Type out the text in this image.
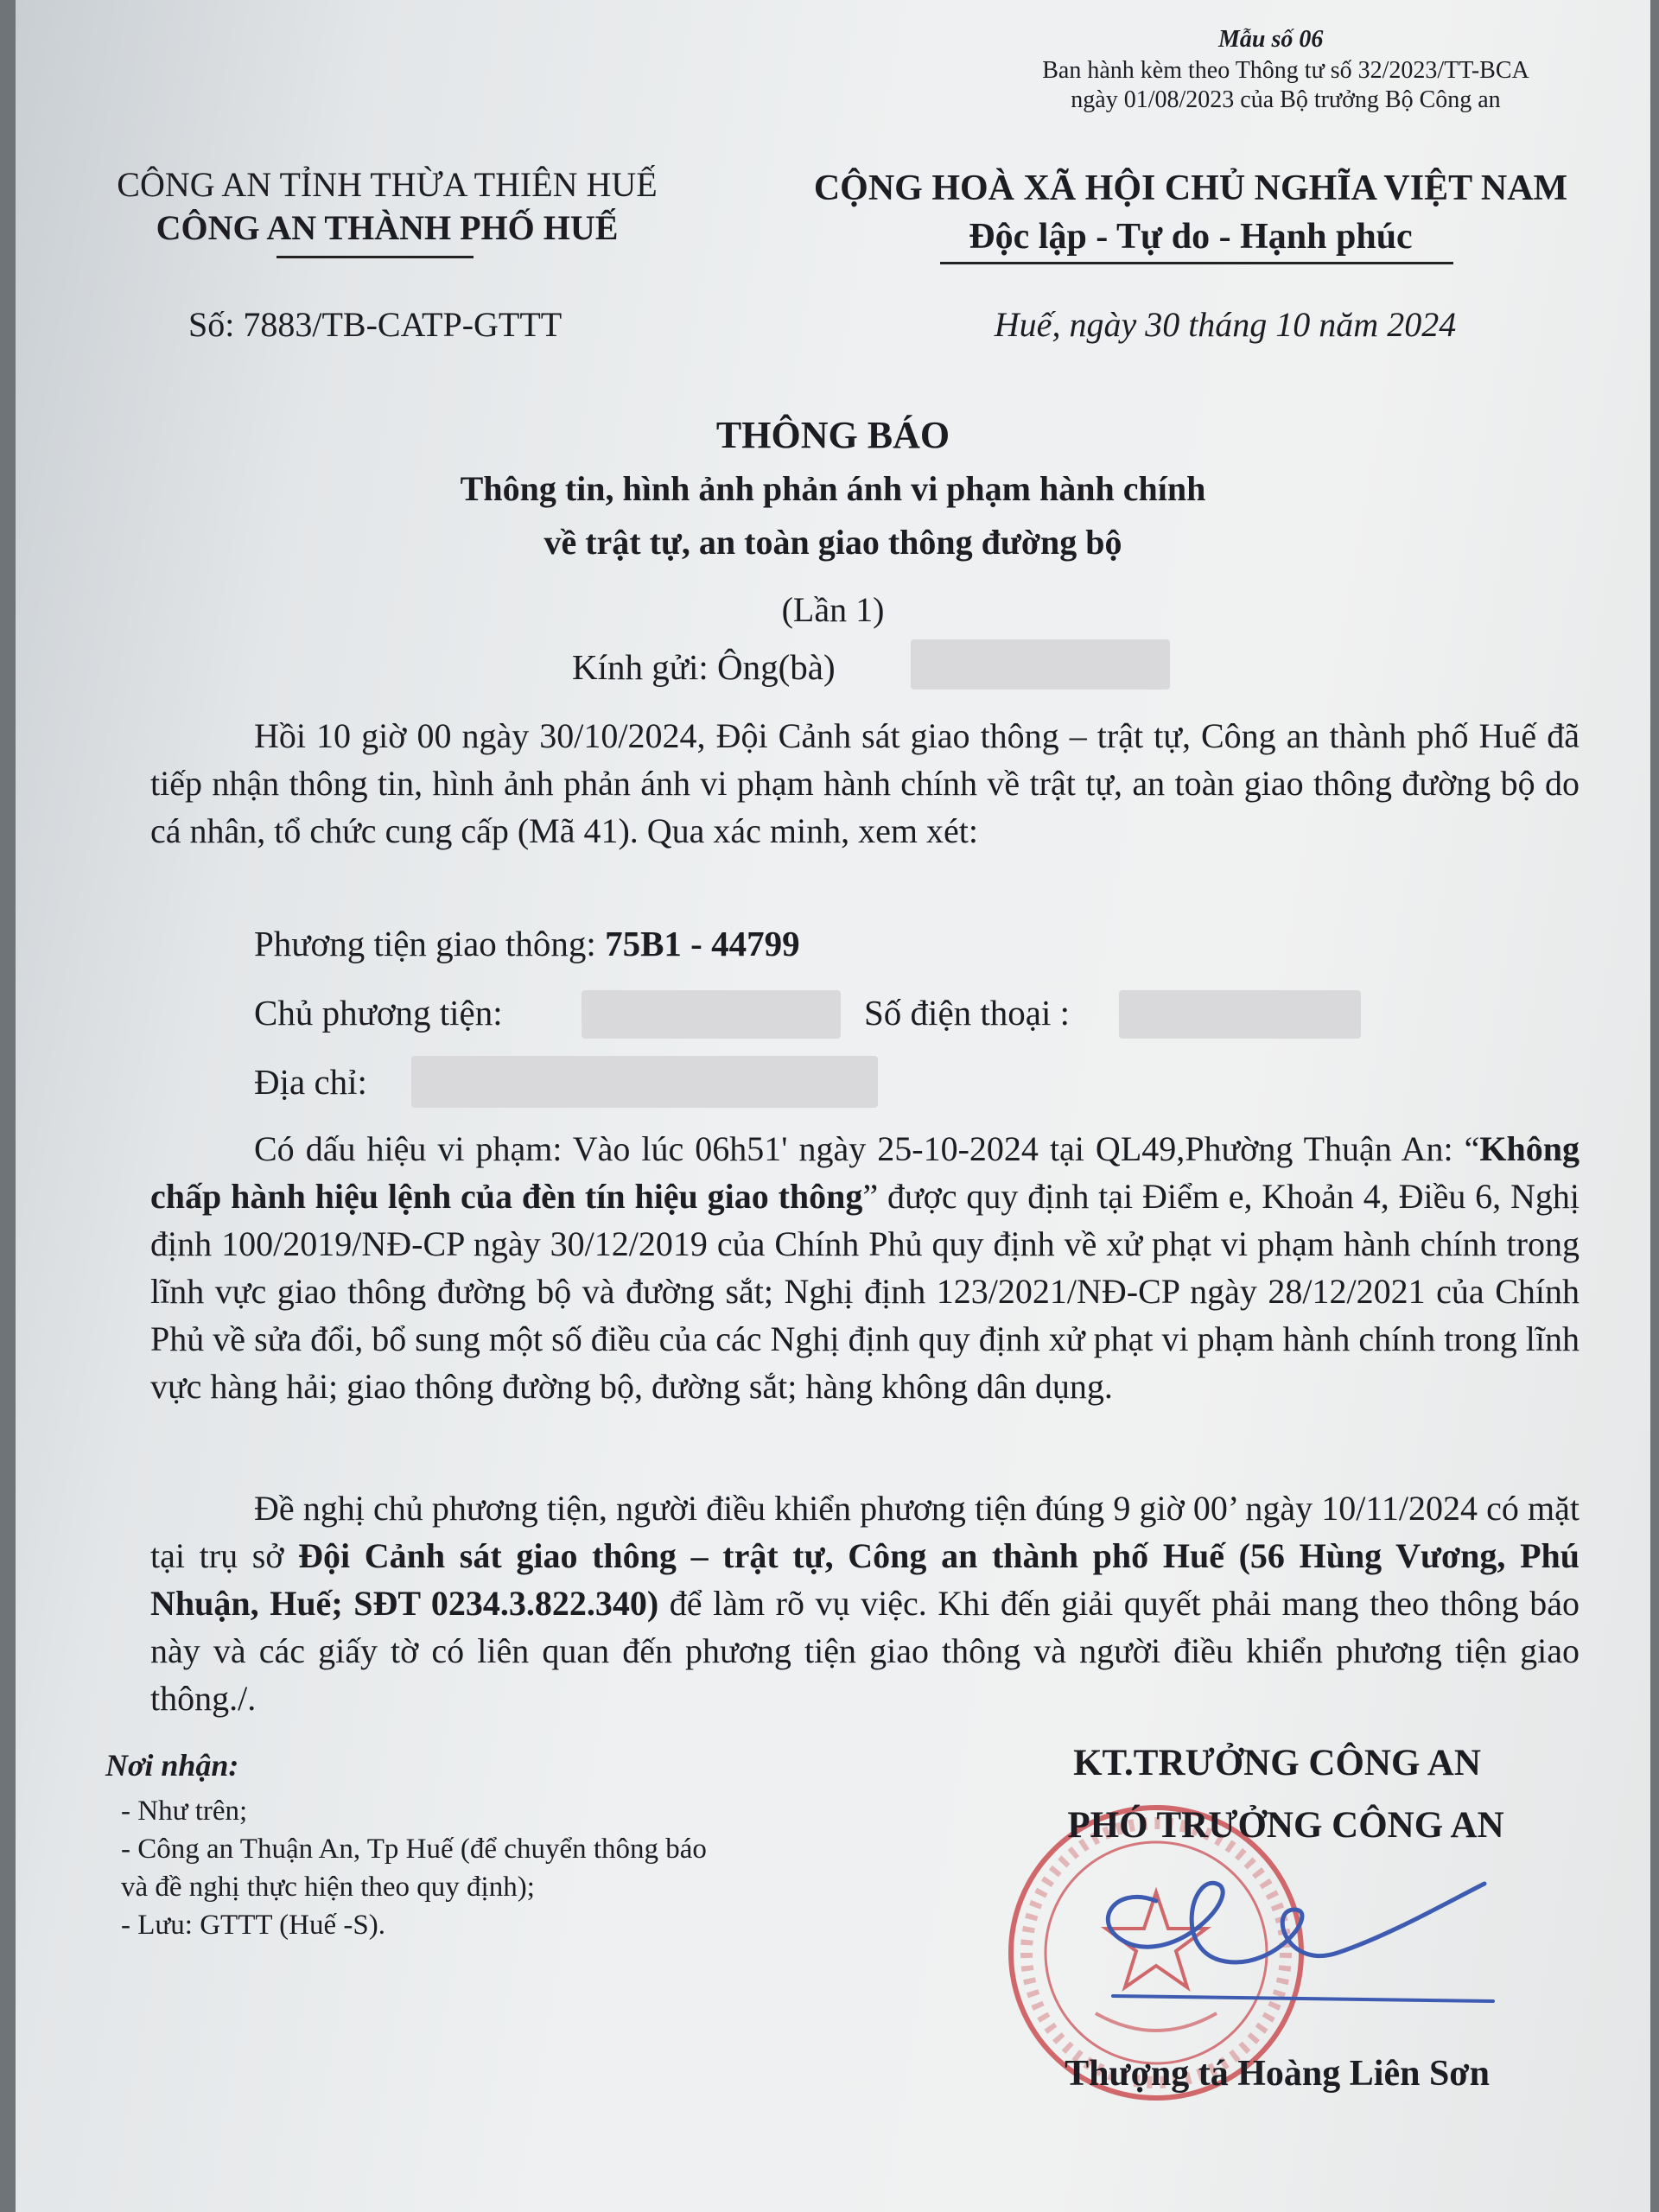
Mẫu số 06
Ban hành kèm theo Thông tư số 32/2023/TT-BCA
ngày 01/08/2023 của Bộ trưởng Bộ Công an
CÔNG AN TỈNH THỪA THIÊN HUẾ
CÔNG AN THÀNH PHỐ HUẾ
Số: 7883/TB-CATP-GTTT
CỘNG HOÀ XÃ HỘI CHỦ NGHĨA VIỆT NAM
Độc lập - Tự do - Hạnh phúc
Huế, ngày 30 tháng 10 năm 2024
THÔNG BÁO
Thông tin, hình ảnh phản ánh vi phạm hành chính
về trật tự, an toàn giao thông đường bộ
(Lần 1)
Kính gửi: Ông(bà)

Hồi 10 giờ 00 ngày 30/10/2024, Đội Cảnh sát giao thông – trật tự, Công an thành phố Huế đã tiếp nhận thông tin, hình ảnh phản ánh vi phạm hành chính về trật tự, an toàn giao thông đường bộ do cá nhân, tổ chức cung cấp (Mã 41). Qua xác minh, xem xét:

Phương tiện giao thông: 75B1 - 44799
Chủ phương tiện:	Số điện thoại :
Địa chỉ:

Có dấu hiệu vi phạm: Vào lúc 06h51' ngày 25-10-2024 tại QL49,Phường Thuận An: “Không chấp hành hiệu lệnh của đèn tín hiệu giao thông” được quy định tại Điểm e, Khoản 4, Điều 6, Nghị định 100/2019/NĐ-CP ngày 30/12/2019 của Chính Phủ quy định về xử phạt vi phạm hành chính trong lĩnh vực giao thông đường bộ và đường sắt; Nghị định 123/2021/NĐ-CP ngày 28/12/2021 của Chính Phủ về sửa đổi, bổ sung một số điều của các Nghị định quy định xử phạt vi phạm hành chính trong lĩnh vực hàng hải; giao thông đường bộ, đường sắt; hàng không dân dụng.

Đề nghị chủ phương tiện, người điều khiển phương tiện đúng 9 giờ 00’ ngày 10/11/2024 có mặt tại trụ sở Đội Cảnh sát giao thông – trật tự, Công an thành phố Huế (56 Hùng Vương, Phú Nhuận, Huế; SĐT 0234.3.822.340) để làm rõ vụ việc. Khi đến giải quyết phải mang theo thông báo này và các giấy tờ có liên quan đến phương tiện giao thông và người điều khiển phương tiện giao thông./.

Nơi nhận:
- Như trên;
- Công an Thuận An, Tp Huế (để chuyển thông báo
và đề nghị thực hiện theo quy định);
- Lưu: GTTT (Huế -S).
KT.TRƯỞNG CÔNG AN
PHÓ TRƯỞNG CÔNG AN
Thượng tá Hoàng Liên Sơn
